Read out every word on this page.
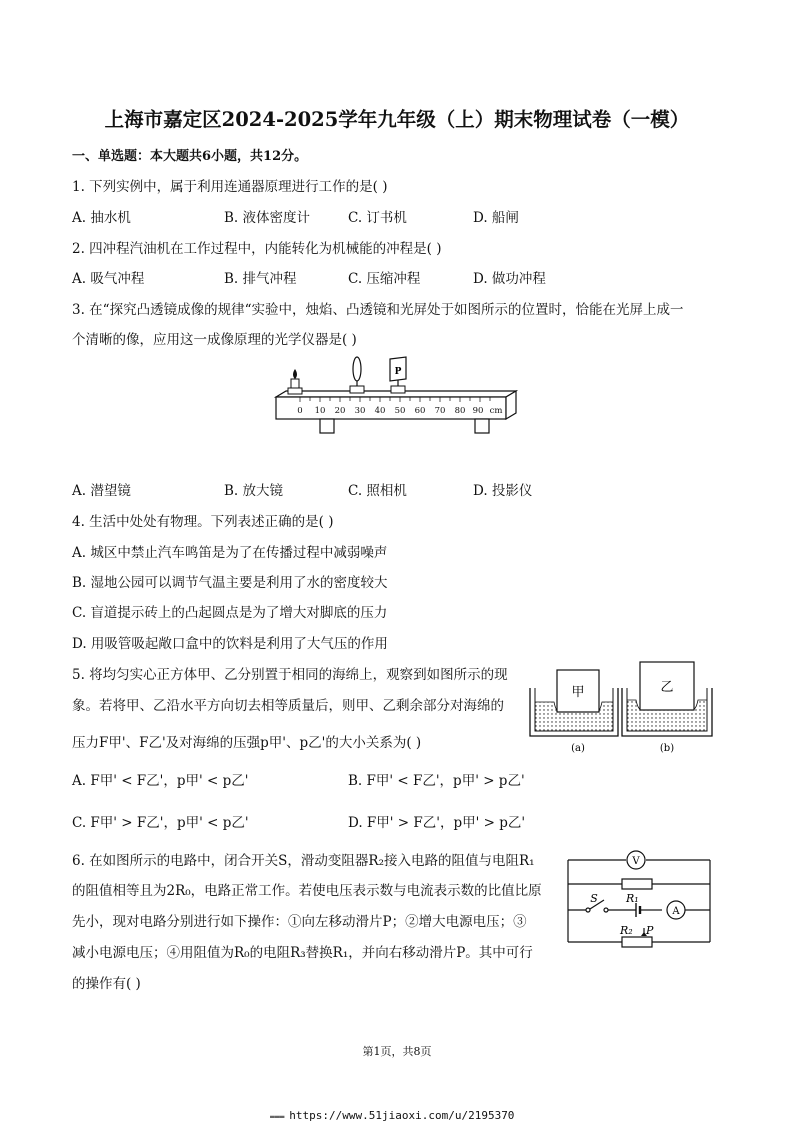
上海市嘉定区2024-2025学年九年级（上）期末物理试卷（一模）
一、单选题：本大题共6小题，共12分。
1. 下列实例中，属于利用连通器原理进行工作的是( )
A. 抽水机	B. 液体密度计	C. 订书机	D. 船闸
2. 四冲程汽油机在工作过程中，内能转化为机械能的冲程是( )
A. 吸气冲程	B. 排气冲程	C. 压缩冲程	D. 做功冲程
3. 在“探究凸透镜成像的规律“实验中，烛焰、凸透镜和光屏处于如图所示的位置时，恰能在光屏上成一
个清晰的像，应用这一成像原理的光学仪器是( )
0 10 20 30 40 50 60 70 80 90 cm
P
A. 潜望镜	B. 放大镜	C. 照相机	D. 投影仪
4. 生活中处处有物理。下列表述正确的是( )
A. 城区中禁止汽车鸣笛是为了在传播过程中减弱噪声
B. 湿地公园可以调节气温主要是利用了水的密度较大
C. 盲道提示砖上的凸起圆点是为了增大对脚底的压力
D. 用吸管吸起敞口盒中的饮料是利用了大气压的作用
5. 将均匀实心正方体甲、乙分别置于相同的海绵上，观察到如图所示的现
象。若将甲、乙沿水平方向切去相等质量后，则甲、乙剩余部分对海绵的
压力F甲'、F乙'及对海绵的压强p甲'、p乙'的大小关系为( )
甲	乙
(a)	(b)
A. F甲' < F乙'，p甲' < p乙'	B. F甲' < F乙'，p甲' > p乙'
C. F甲' > F乙'，p甲' < p乙'	D. F甲' > F乙'，p甲' > p乙'
6. 在如图所示的电路中，闭合开关S，滑动变阻器R₂接入电路的阻值与电阻R₁
的阻值相等且为2R₀，电路正常工作。若使电压表示数与电流表示数的比值比原
先小，现对电路分别进行如下操作：①向左移动滑片P；②增大电源电压；③
减小电源电压；④用阻值为R₀的电阻R₃替换R₁，并向右移动滑片P。其中可行
的操作有( )
V
A
S	R₁
R₂ P
第1页，共8页
▬▬▬ https://www.51jiaoxi.com/u/2195370
